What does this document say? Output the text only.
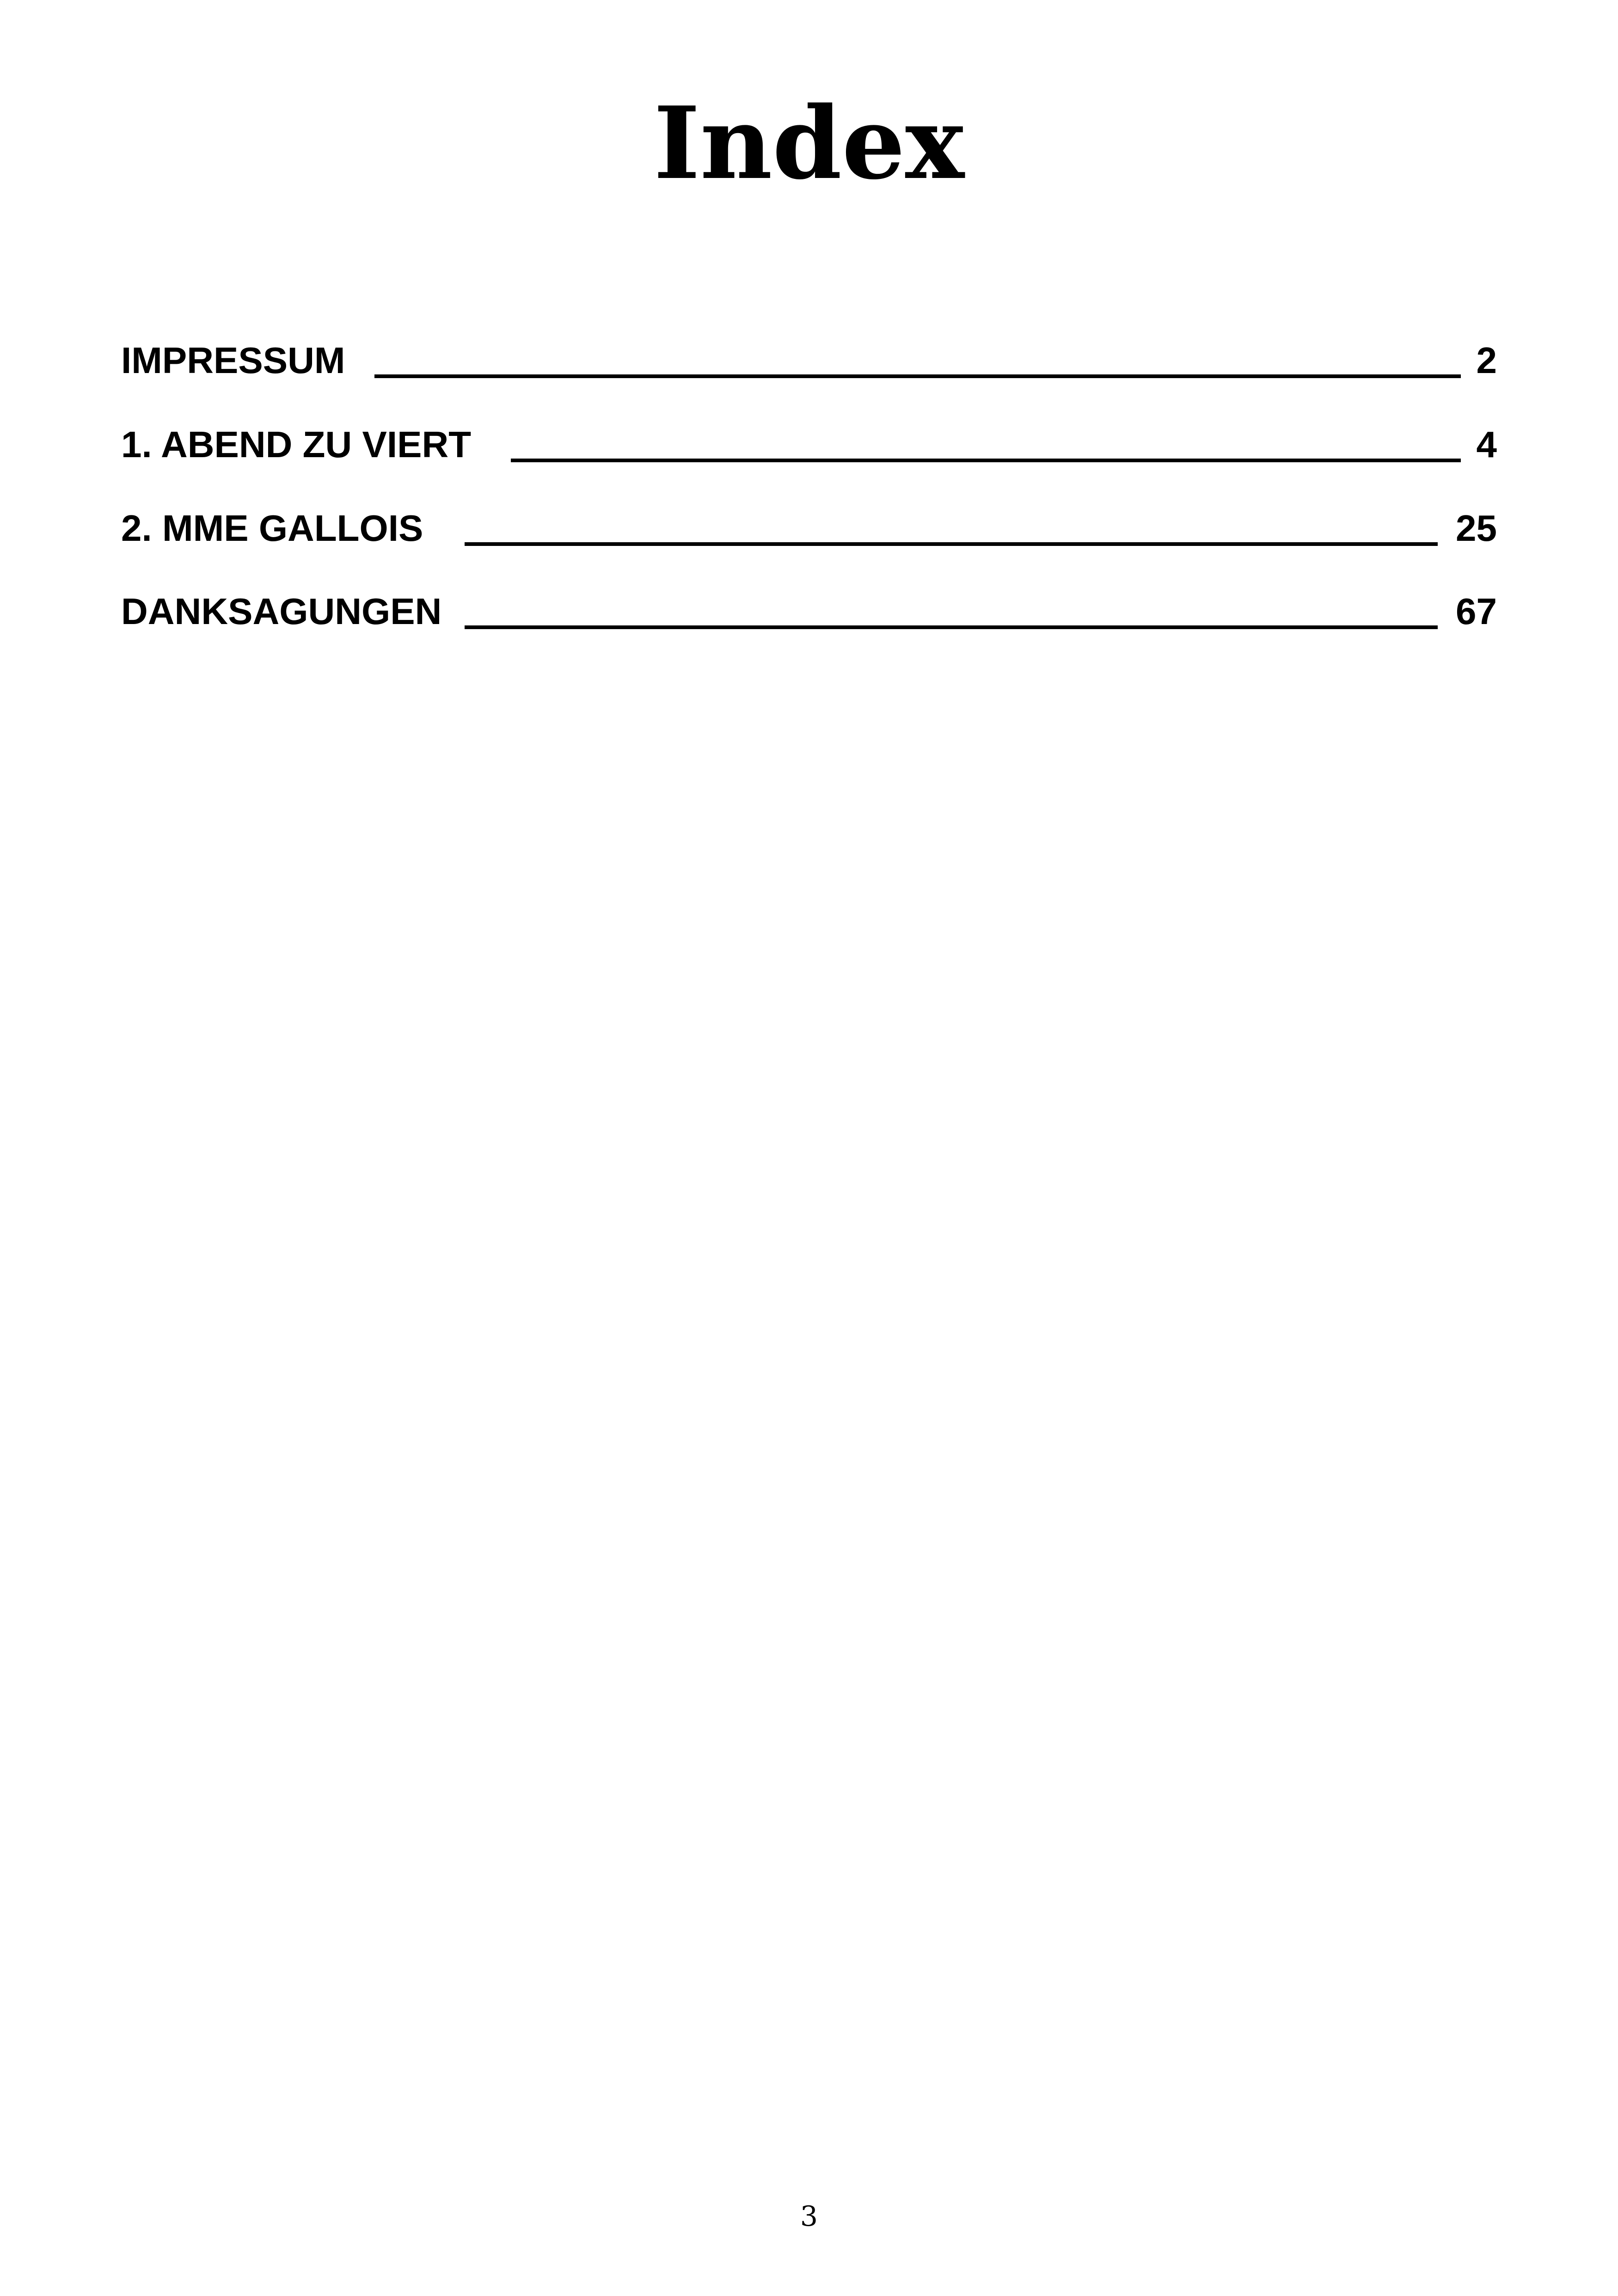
Index
IMPRESSUM	2
1. ABEND ZU VIERT	4
2. MME GALLOIS	25
DANKSAGUNGEN	67
3
